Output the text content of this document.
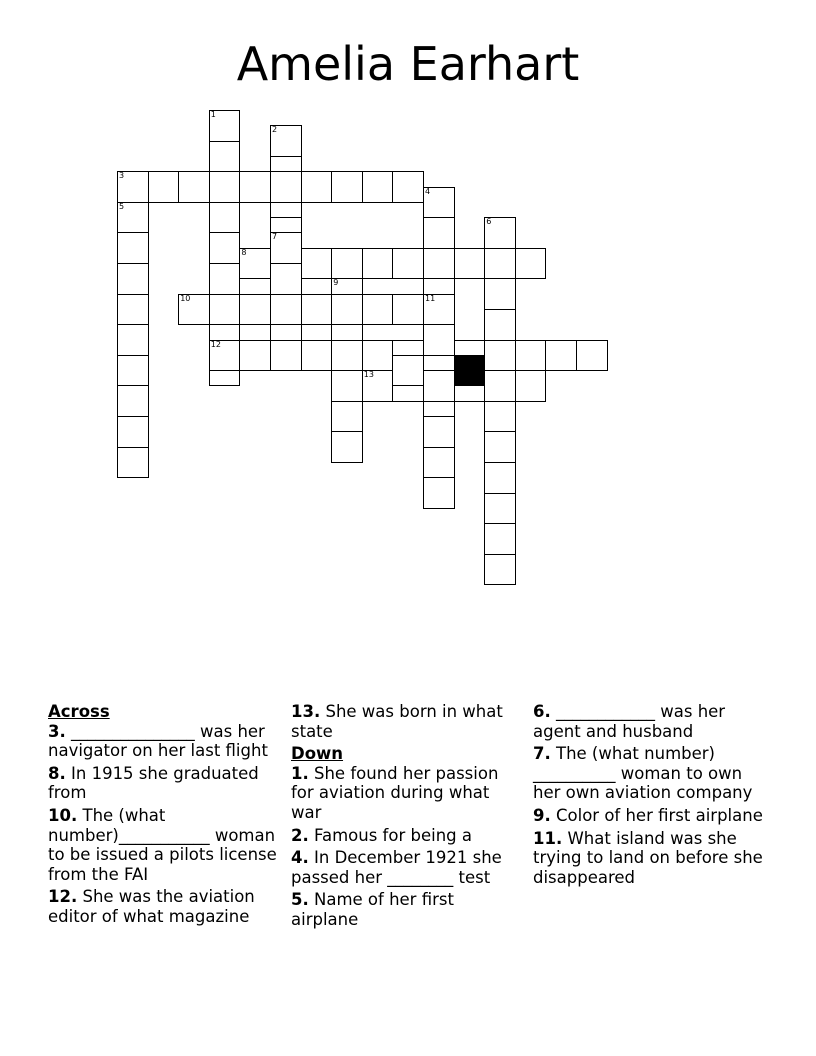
Amelia Earhart
1
2
3
4
5
6
7
8
9
10	11
12
13

Across

3. _______________ was her navigator on her last flight

8. In 1915 she graduated from

10. The (what number)___________ woman to be issued a pilots license from the FAI

12. She was the aviation editor of what magazine

13. She was born in what state

Down

1. She found her passion for aviation during what war

2. Famous for being a

4. In December 1921 she passed her ________ test

5. Name of her first airplane

6. ____________ was her agent and husband

7. The (what number) __________ woman to own her own aviation company

9. Color of her first airplane

11. What island was she trying to land on before she disappeared
